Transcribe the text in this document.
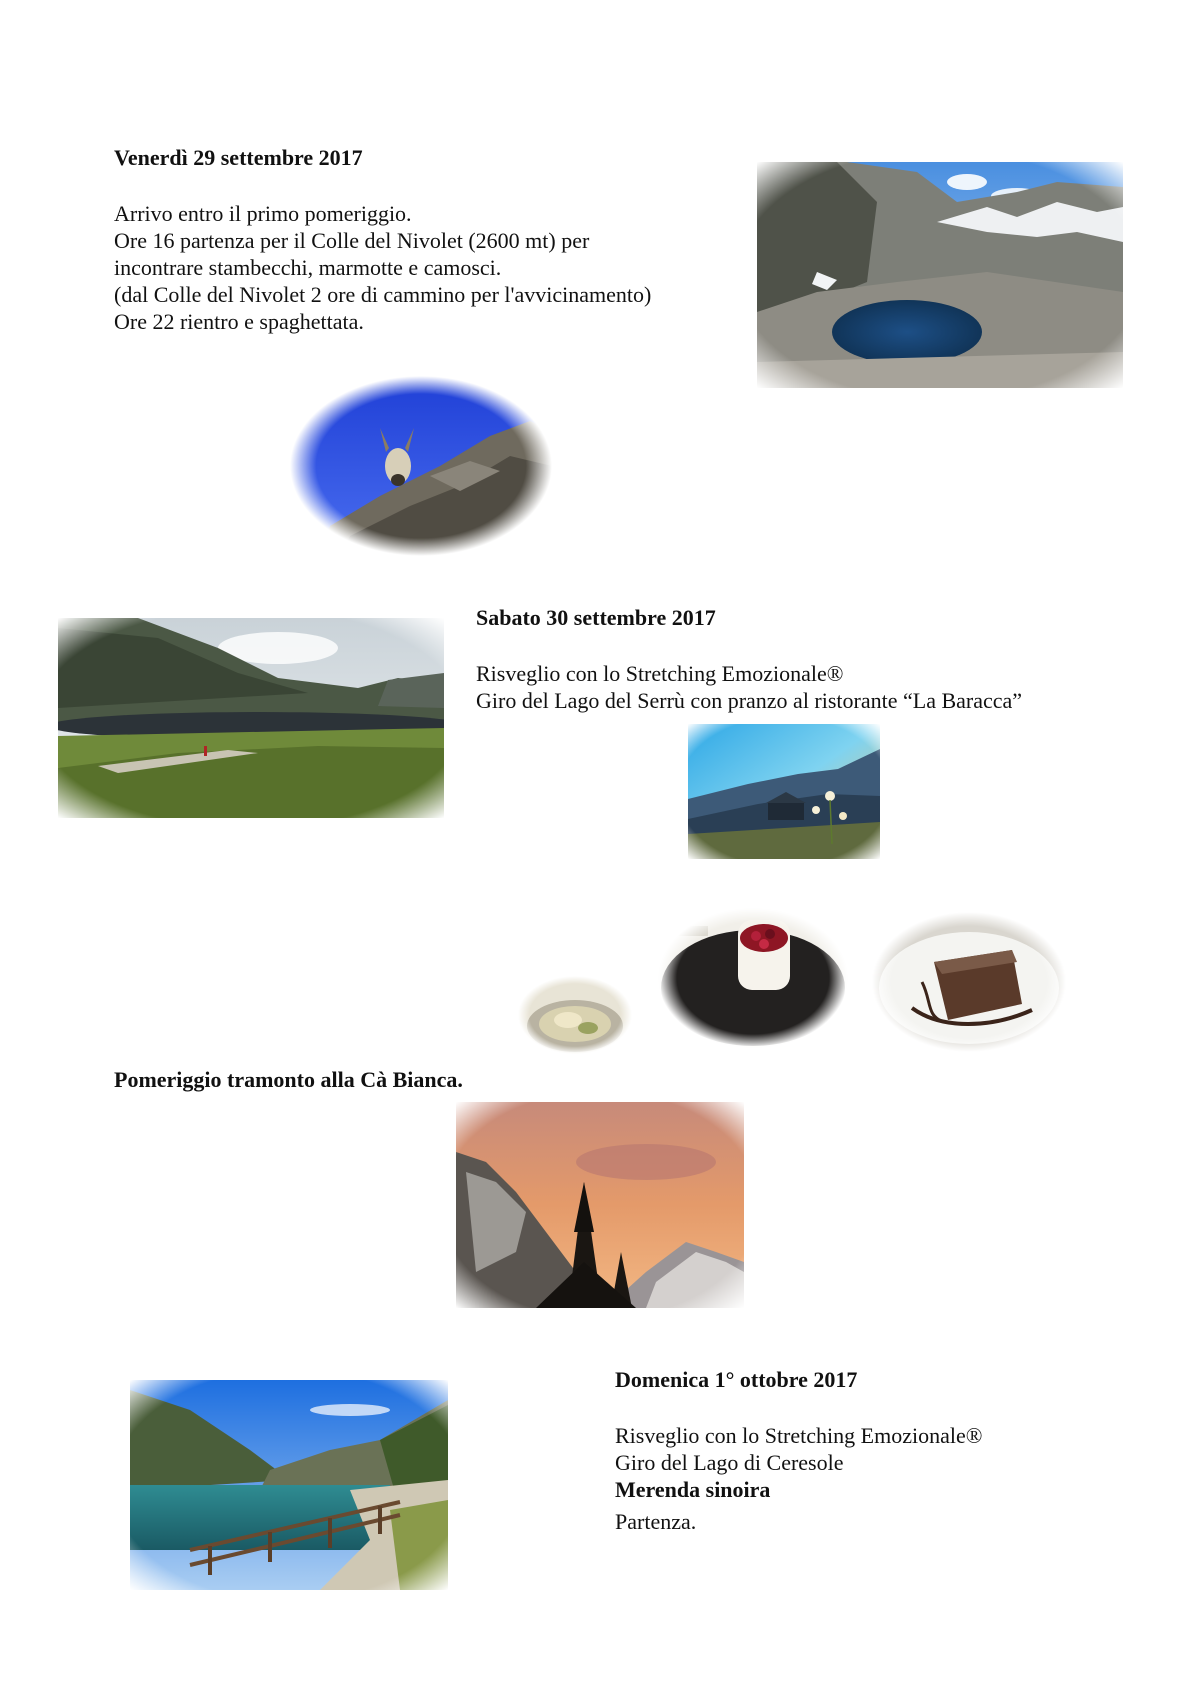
Venerdì 29 settembre 2017
Arrivo entro il primo pomeriggio.
Ore 16 partenza per il Colle del Nivolet (2600 mt) per
incontrare stambecchi, marmotte e camosci.
(dal Colle del Nivolet 2 ore di cammino per l'avvicinamento)
Ore 22 rientro e spaghettata.
Sabato 30 settembre 2017
Risveglio con lo Stretching Emozionale®
Giro del Lago del Serrù con pranzo al ristorante “La Baracca”
Pomeriggio tramonto alla Cà Bianca.
Domenica 1° ottobre 2017
Risveglio con lo Stretching Emozionale®
Giro del Lago di Ceresole
Merenda sinoira
Partenza.
